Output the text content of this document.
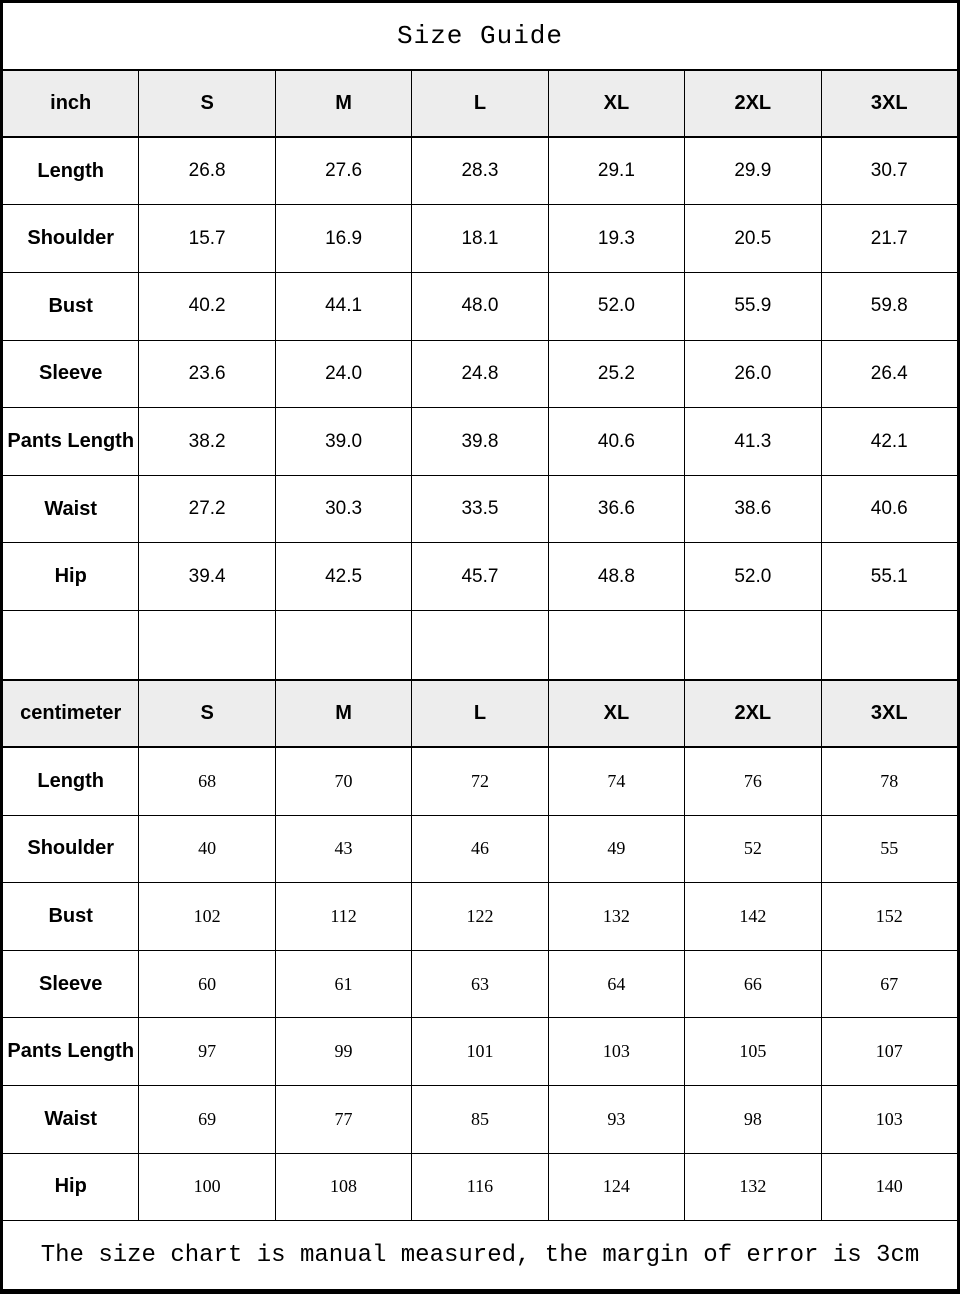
Size Guide						
inch	S	M	L	XL	2XL	3XL
Length	26.8	27.6	28.3	29.1	29.9	30.7
Shoulder	15.7	16.9	18.1	19.3	20.5	21.7
Bust	40.2	44.1	48.0	52.0	55.9	59.8
Sleeve	23.6	24.0	24.8	25.2	26.0	26.4
Pants Length	38.2	39.0	39.8	40.6	41.3	42.1
Waist	27.2	30.3	33.5	36.6	38.6	40.6
Hip	39.4	42.5	45.7	48.8	52.0	55.1

centimeter	S	M	L	XL	2XL	3XL
Length	68	70	72	74	76	78
Shoulder	40	43	46	49	52	55
Bust	102	112	122	132	142	152
Sleeve	60	61	63	64	66	67
Pants Length	97	99	101	103	105	107
Waist	69	77	85	93	98	103
Hip	100	108	116	124	132	140
The size chart is manual measured, the margin of error is 3cm						
